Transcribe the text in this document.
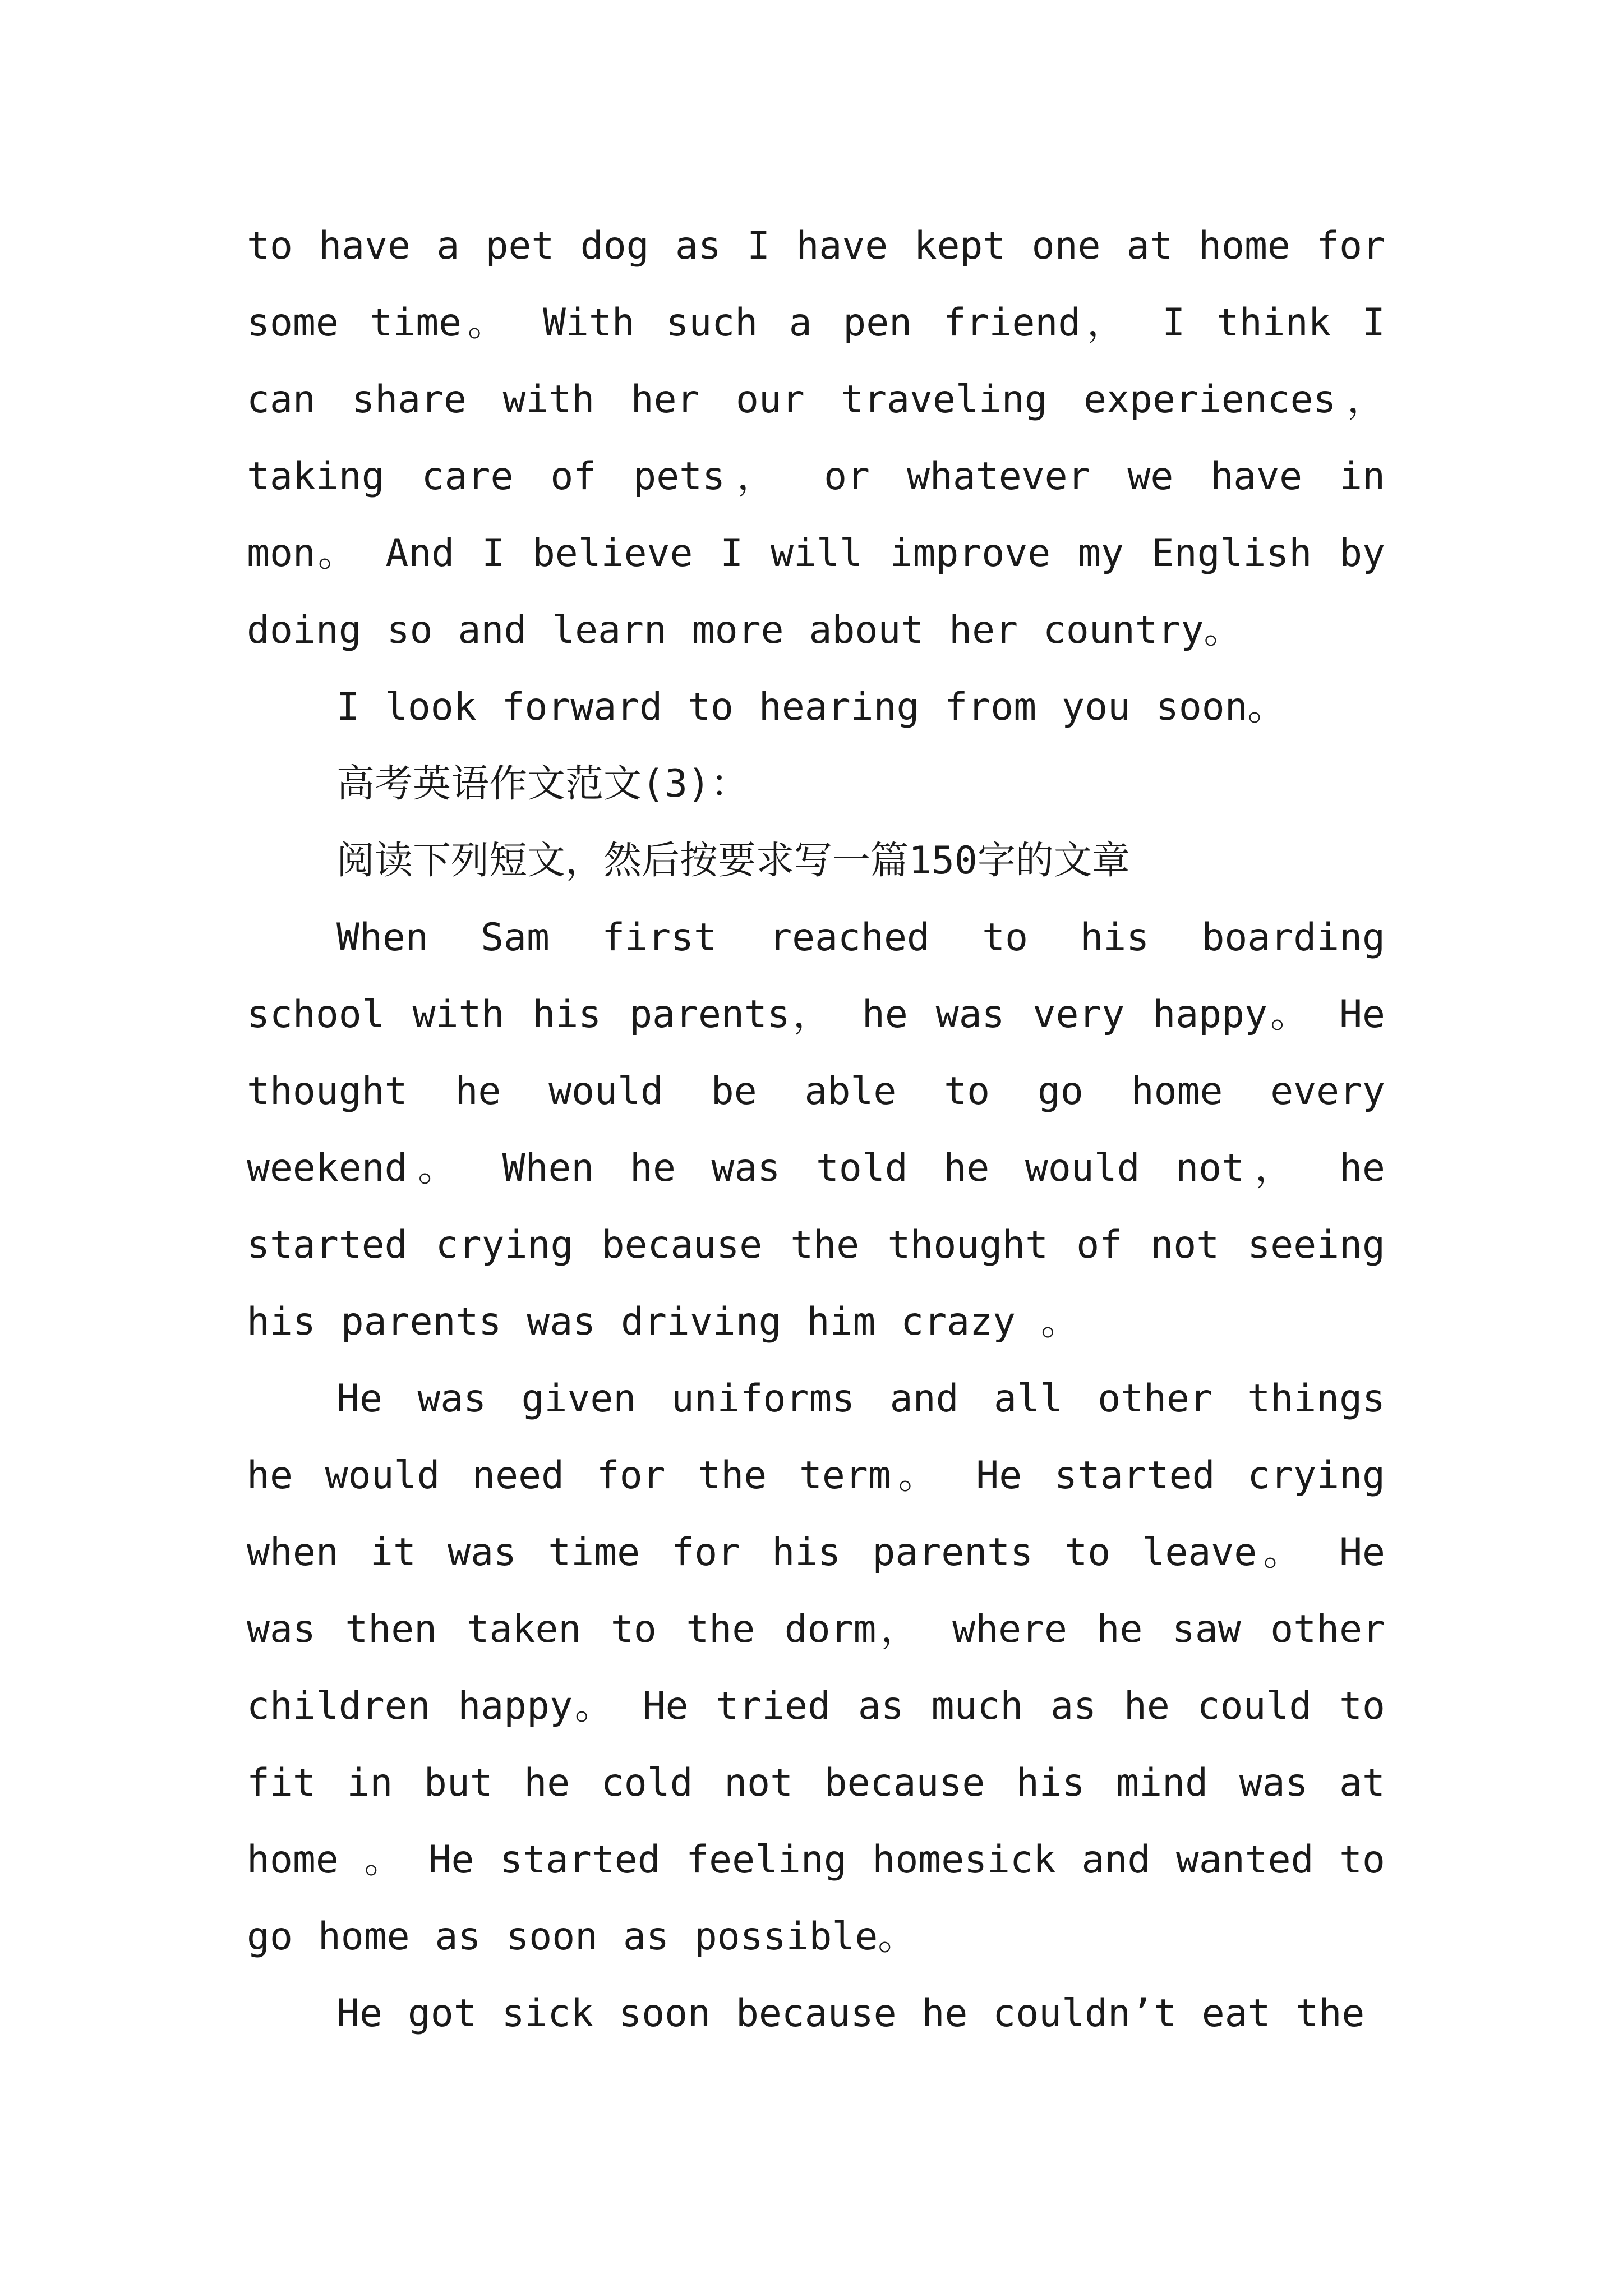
to have a pet dog as I have kept one at home for some time。 With such a pen friend， I think I can share with her our traveling experiences， taking care of pets， or whatever we have in mon。 And I believe I will improve my English by doing so and learn more about her country。

I look forward to hearing from you soon。

高考英语作文范文(3)：

阅读下列短文，然后按要求写一篇150字的文章

When Sam first reached to his boarding school with his parents， he was very happy。 He thought he would be able to go home every weekend。 When he was told he would not， he started crying because the thought of not seeing his parents was driving him crazy 。

He was given uniforms and all other things he would need for the term。 He started crying when it was time for his parents to leave。 He was then taken to the dorm， where he saw other children happy。 He tried as much as he could to fit in but he cold not because his mind was at home 。 He started feeling homesick and wanted to go home as soon as possible。

He got sick soon because he couldn’t eat the
